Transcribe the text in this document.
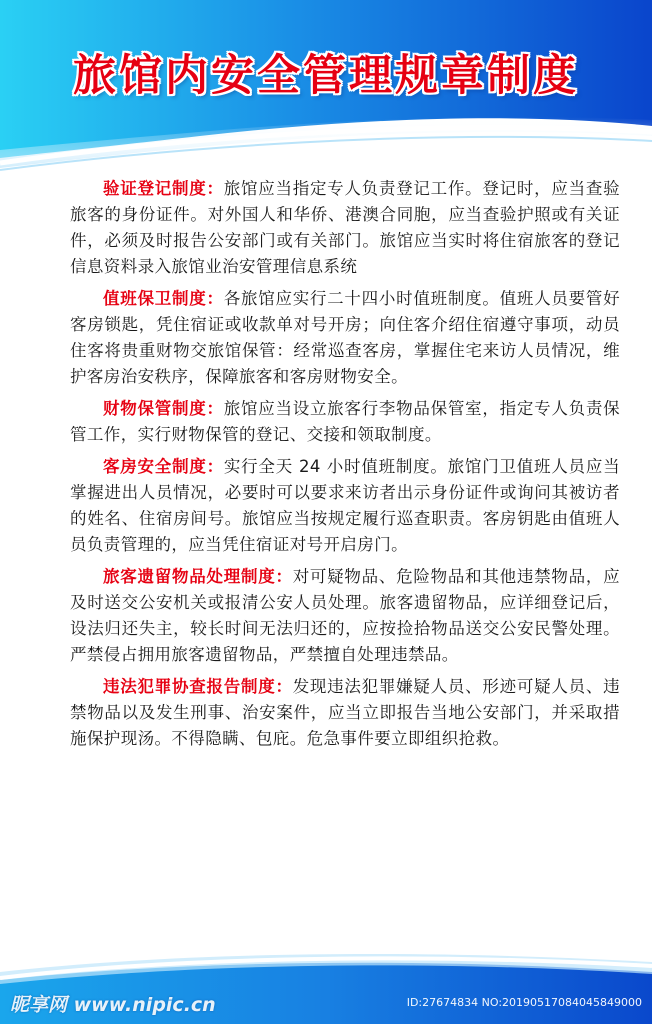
旅馆内安全管理规章制度

验证登记制度：旅馆应当指定专人负责登记工作。登记时，应当查验旅客的身份证件。对外国人和华侨、港澳合同胞，应当查验护照或有关证件，必须及时报告公安部门或有关部门。旅馆应当实时将住宿旅客的登记信息资料录入旅馆业治安管理信息系统

值班保卫制度：各旅馆应实行二十四小时值班制度。值班人员要管好客房锁匙，凭住宿证或收款单对号开房；向住客介绍住宿遵守事项，动员住客将贵重财物交旅馆保管：经常巡查客房，掌握住宅来访人员情况，维护客房治安秩序，保障旅客和客房财物安全。

财物保管制度：旅馆应当设立旅客行李物品保管室，指定专人负责保管工作，实行财物保管的登记、交接和领取制度。

客房安全制度：实行全天 24 小时值班制度。旅馆门卫值班人员应当掌握进出人员情况，必要时可以要求来访者出示身份证件或询问其被访者的姓名、住宿房间号。旅馆应当按规定履行巡查职责。客房钥匙由值班人员负责管理的，应当凭住宿证对号开启房门。

旅客遗留物品处理制度：对可疑物品、危险物品和其他违禁物品，应及时送交公安机关或报清公安人员处理。旅客遗留物品，应详细登记后，设法归还失主，较长时间无法归还的，应按捡拾物品送交公安民警处理。严禁侵占拥用旅客遗留物品，严禁擅自处理违禁品。

违法犯罪协查报告制度：发现违法犯罪嫌疑人员、形迹可疑人员、违禁物品以及发生刑事、治安案件，应当立即报告当地公安部门，并采取措施保护现汤。不得隐瞒、包庇。危急事件要立即组织抢救。

昵享网 www.nipic.cn	ID:27674834 NO:20190517084045849000
